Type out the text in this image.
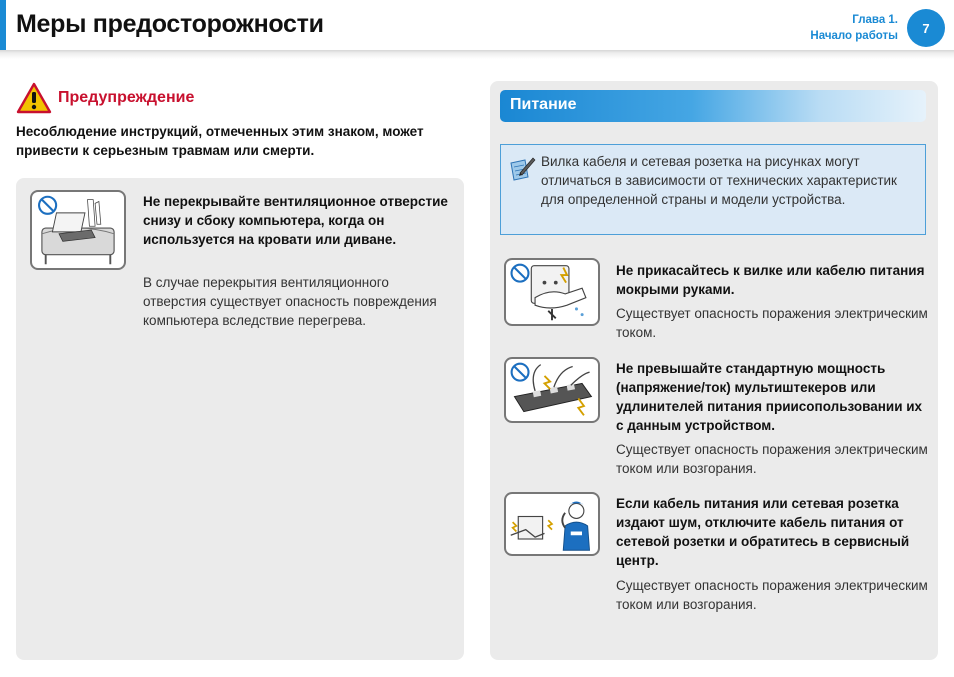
Меры предосторожности	Глава 1.
Начало работы
7
Предупреждение

Несоблюдение инструкций, отмеченных этим знаком, может привести к серьезным травмам или смерти.

Не перекрывайте вентиляционное отверстие снизу и сбоку компьютера, когда он используется на кровати или диване.
В случае перекрытия вентиляционного отверстия существует опасность повреждения компьютера вследствие перегрева.
Питание

Вилка кабеля и сетевая розетка на рисунках могут отличаться в зависимости от технических характеристик для определенной страны и модели устройства.

Не прикасайтесь к вилке или кабелю питания мокрыми руками.
Существует опасность поражения электрическим током.
Не превышайте стандартную мощность (напряжение/ток) мультиштекеров или удлинителей питания приисопользовании их с данным устройством.
Существует опасность поражения электрическим током или возгорания.
Если кабель питания или сетевая розетка издают шум, отключите кабель питания от сетевой розетки и обратитесь в сервисный центр.
Существует опасность поражения электрическим током или возгорания.
